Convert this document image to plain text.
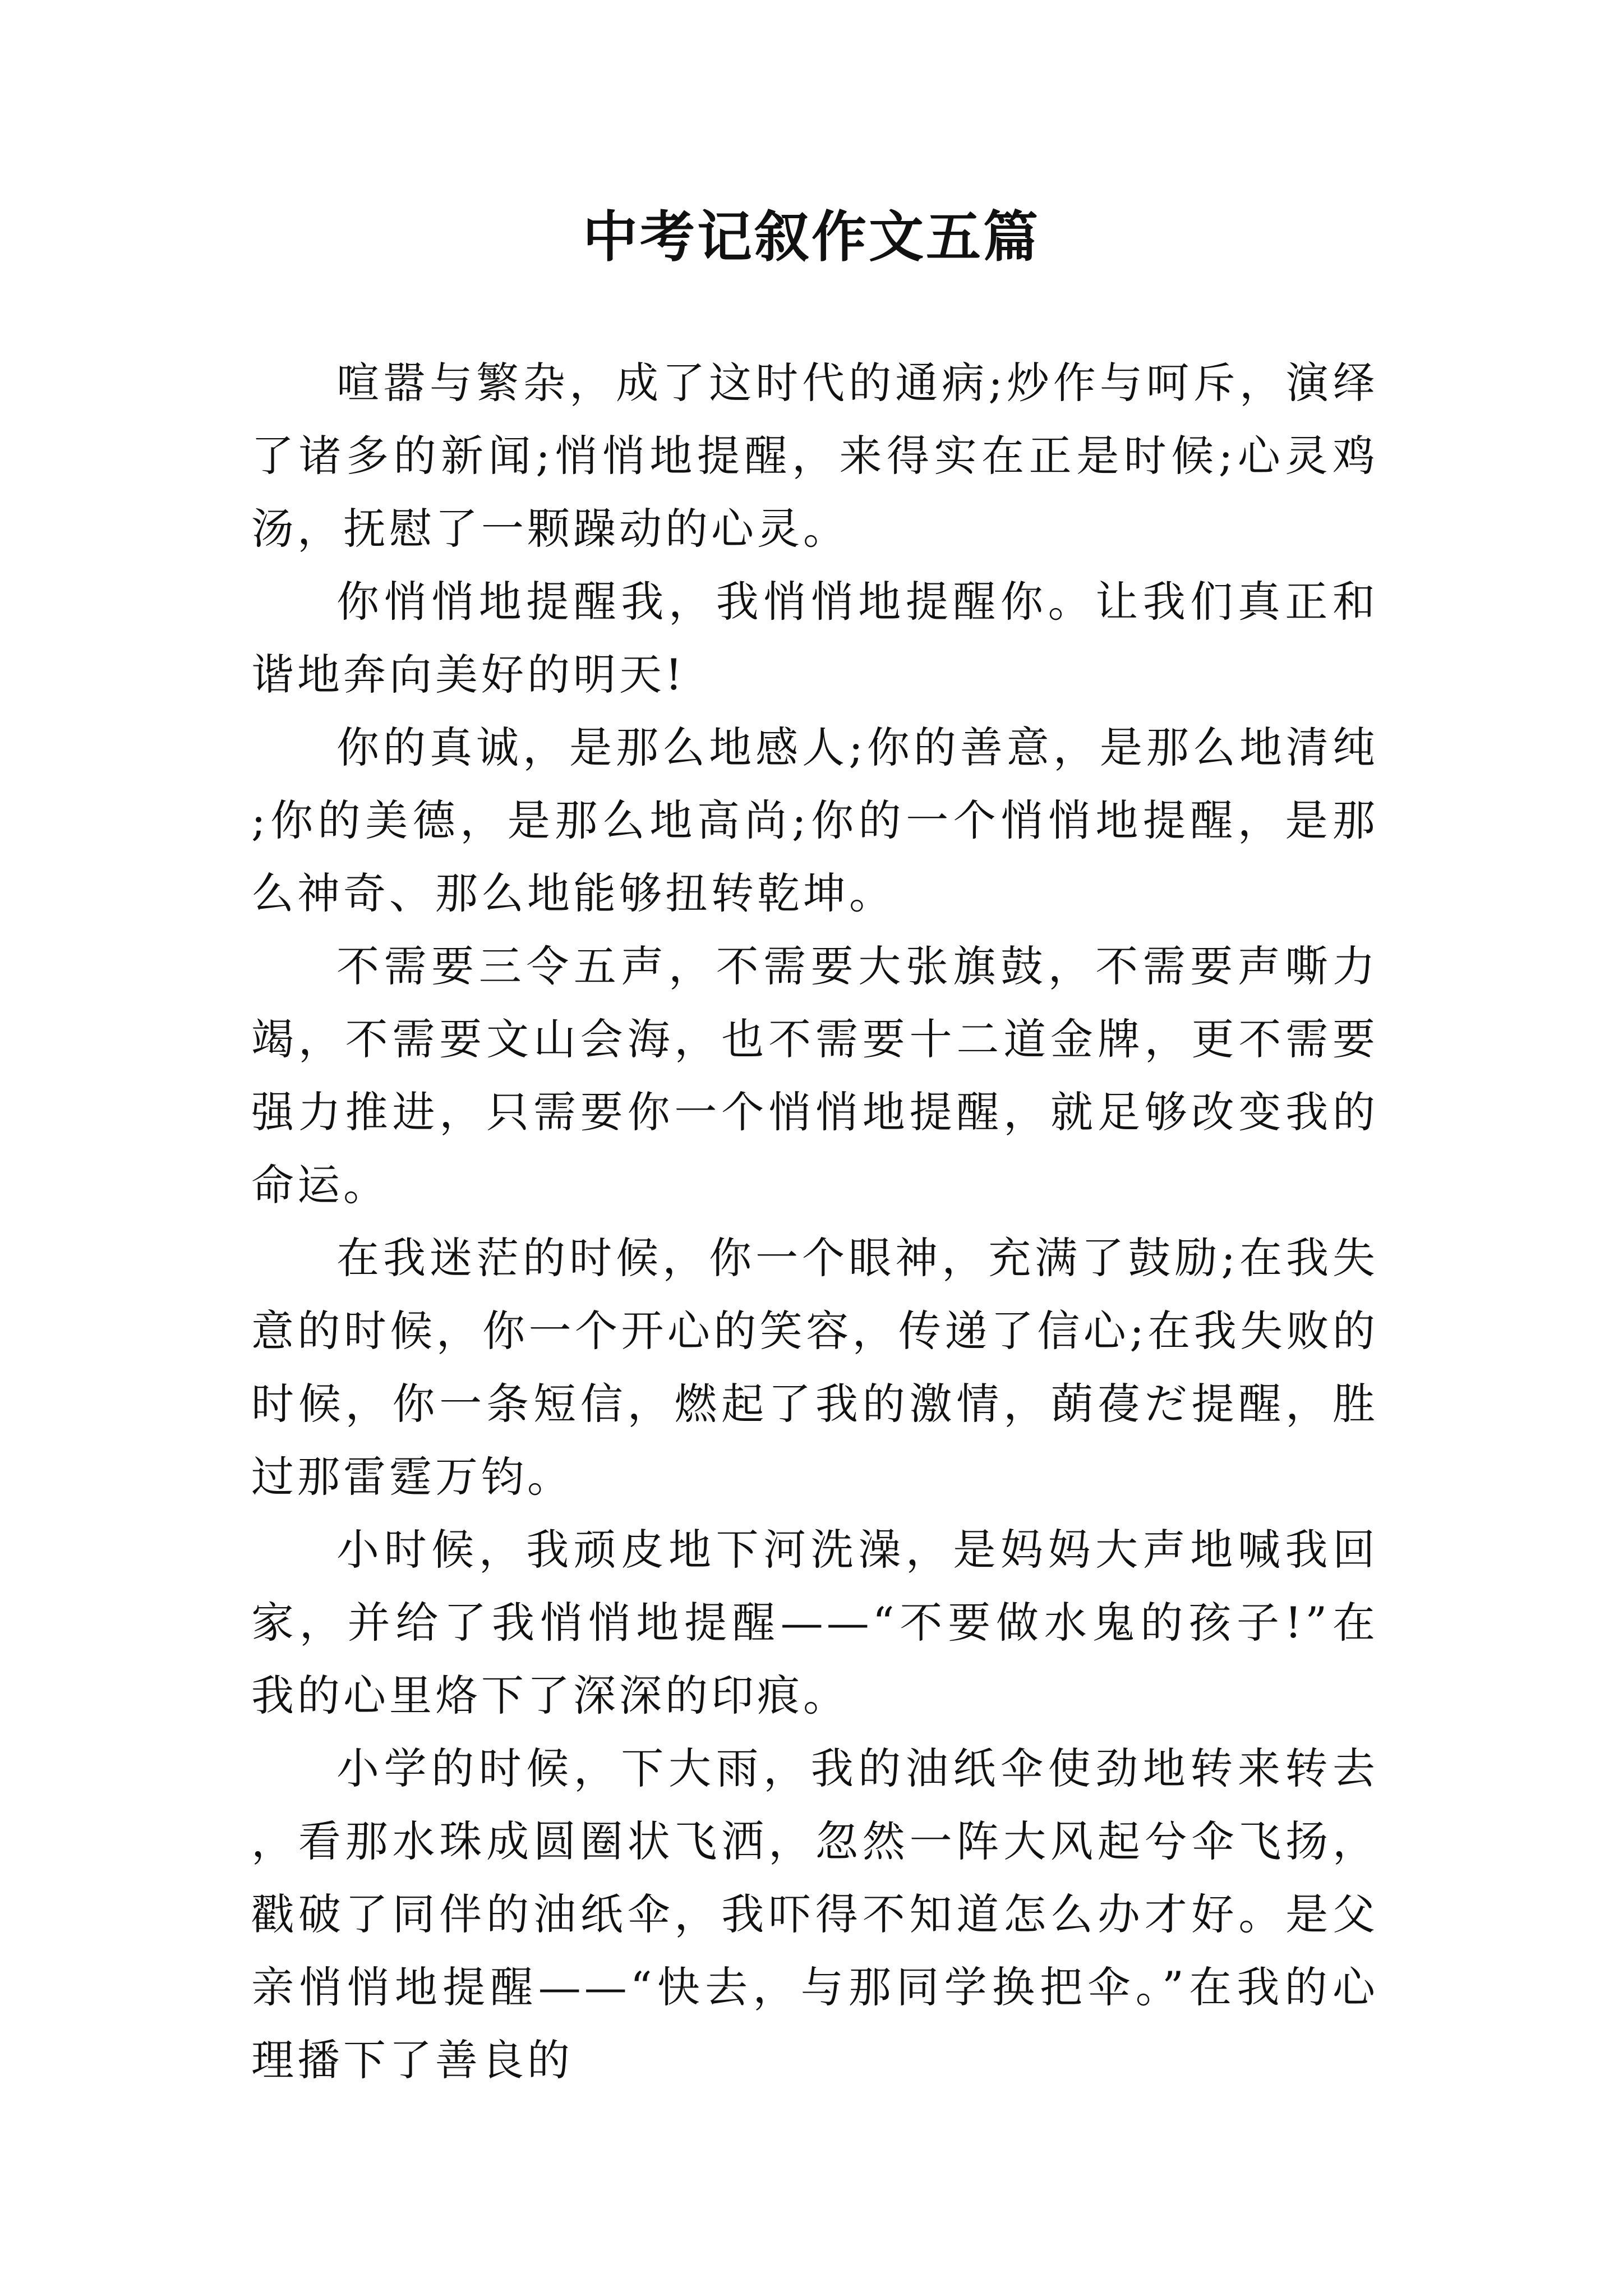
中考记叙作文五篇

喧嚣与繁杂，成了这时代的通病;炒作与呵斥，演绎了诸多的新闻;悄悄地提醒，来得实在正是时候;心灵鸡汤，抚慰了一颗躁动的心灵。

你悄悄地提醒我，我悄悄地提醒你。让我们真正和谐地奔向美好的明天!

你的真诚，是那么地感人;你的善意，是那么地清纯;你的美德，是那么地高尚;你的一个悄悄地提醒，是那么神奇、那么地能够扭转乾坤。

不需要三令五声，不需要大张旗鼓，不需要声嘶力竭，不需要文山会海，也不需要十二道金牌，更不需要强力推进，只需要你一个悄悄地提醒，就足够改变我的命运。

在我迷茫的时候，你一个眼神，充满了鼓励;在我失意的时候，你一个开心的笑容，传递了信心;在我失败的时候，你一条短信，燃起了我的激情，蓢葠だ提醒，胜过那雷霆万钧。

小时候，我顽皮地下河洗澡，是妈妈大声地喊我回家，并给了我悄悄地提醒——“不要做水鬼的孩子!”在我的心里烙下了深深的印痕。

小学的时候，下大雨，我的油纸伞使劲地转来转去，看那水珠成圆圈状飞洒，忽然一阵大风起兮伞飞扬，戳破了同伴的油纸伞，我吓得不知道怎么办才好。是父亲悄悄地提醒——“快去，与那同学换把伞。”在我的心理播下了善良的
